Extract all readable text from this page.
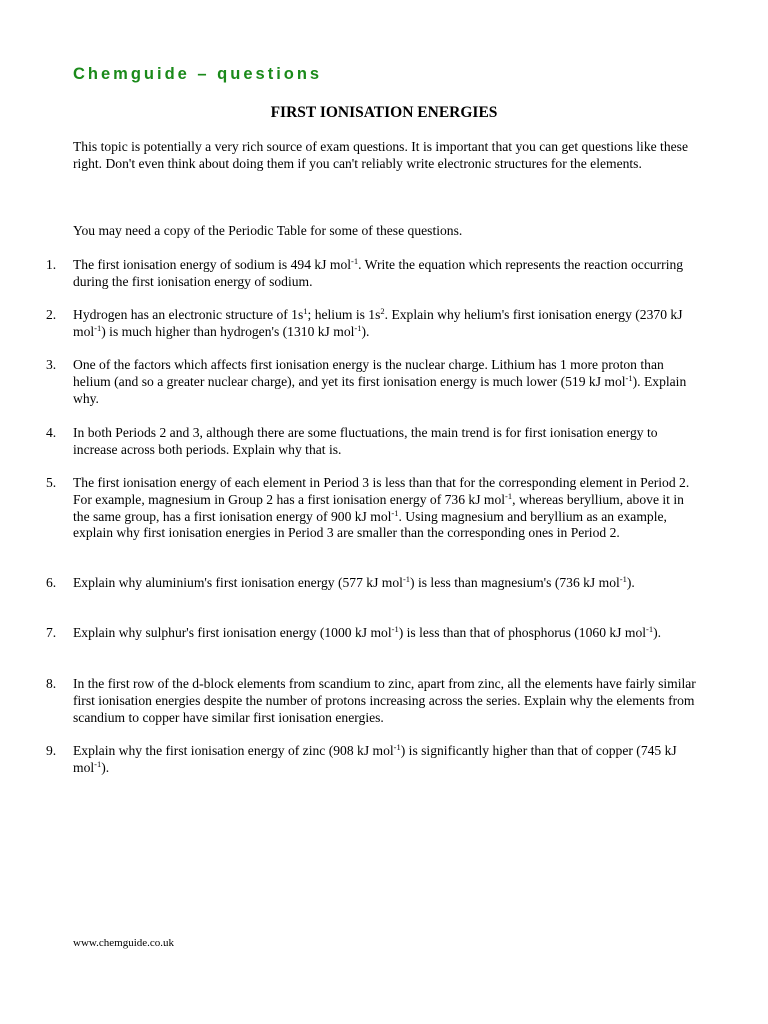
Chemguide – questions
FIRST IONISATION ENERGIES
This topic is potentially a very rich source of exam questions. It is important that you can get questions like these right. Don't even think about doing them if you can't reliably write electronic structures for the elements.
You may need a copy of the Periodic Table for some of these questions.
1. The first ionisation energy of sodium is 494 kJ mol$^{-1}$. Write the equation which represents the reaction occurring during the first ionisation energy of sodium.
2. Hydrogen has an electronic structure of $1s^1$; helium is $1s^2$. Explain why helium's first ionisation energy (2370 kJ mol$^{-1}$) is much higher than hydrogen's (1310 kJ mol$^{-1}$).
3. One of the factors which affects first ionisation energy is the nuclear charge. Lithium has 1 more proton than helium (and so a greater nuclear charge), and yet its first ionisation energy is much lower (519 kJ mol$^{-1}$). Explain why.
4. In both Periods 2 and 3, although there are some fluctuations, the main trend is for first ionisation energy to increase across both periods. Explain why that is.
5. The first ionisation energy of each element in Period 3 is less than that for the corresponding element in Period 2. For example, magnesium in Group 2 has a first ionisation energy of 736 kJ mol$^{-1}$, whereas beryllium, above it in the same group, has a first ionisation energy of 900 kJ mol$^{-1}$. Using magnesium and beryllium as an example, explain why first ionisation energies in Period 3 are smaller than the corresponding ones in Period 2.
6. Explain why aluminium's first ionisation energy (577 kJ mol$^{-1}$) is less than magnesium's (736 kJ mol$^{-1}$).
7. Explain why sulphur's first ionisation energy (1000 kJ mol$^{-1}$) is less than that of phosphorus (1060 kJ mol$^{-1}$).
8. In the first row of the d-block elements from scandium to zinc, apart from zinc, all the elements have fairly similar first ionisation energies despite the number of protons increasing across the series. Explain why the elements from scandium to copper have similar first ionisation energies.
9. Explain why the first ionisation energy of zinc (908 kJ mol$^{-1}$) is significantly higher than that of copper (745 kJ mol$^{-1}$).
www.chemguide.co.uk
